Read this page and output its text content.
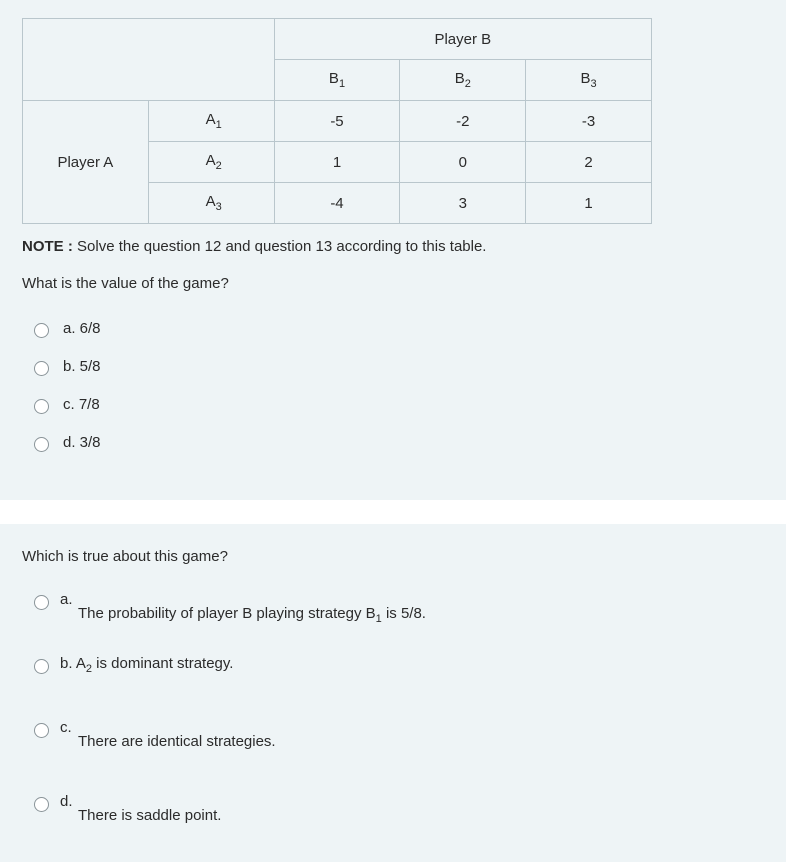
		Player B		
		$B_1$	$B_2$	$B_3$
Player A	$A_1$	-5	-2	-3
	$A_2$	1	0	2
	$A_3$	-4	3	1
NOTE : Solve the question 12 and question 13 according to this table.
What is the value of the game?
a. 6/8
b. 5/8
c. 7/8
d. 3/8
Which is true about this game?
a.
The probability of player B playing strategy $B_1$ is 5/8.
b. $A_2$ is dominant strategy.
c.
There are identical strategies.
d.
There is saddle point.
